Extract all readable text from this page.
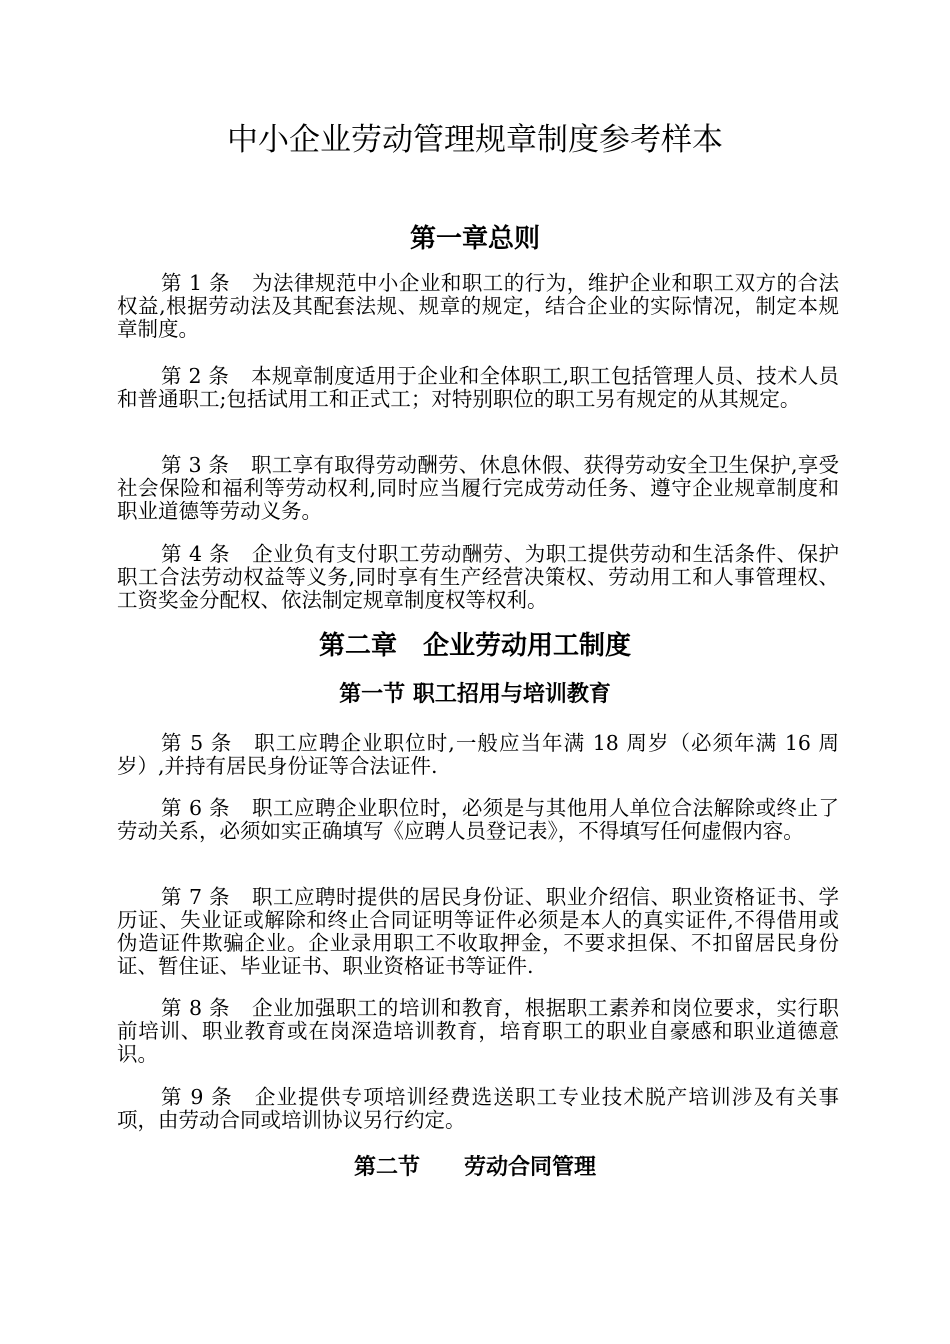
中小企业劳动管理规章制度参考样本
第一章总则

第 1 条 为法律规范中小企业和职工的行为，维护企业和职工双方的合法权益,根据劳动法及其配套法规、规章的规定，结合企业的实际情况，制定本规章制度。

第 2 条 本规章制度适用于企业和全体职工,职工包括管理人员、技术人员和普通职工;包括试用工和正式工；对特别职位的职工另有规定的从其规定。

第 3 条 职工享有取得劳动酬劳、休息休假、获得劳动安全卫生保护,享受社会保险和福利等劳动权利,同时应当履行完成劳动任务、遵守企业规章制度和职业道德等劳动义务。

第 4 条 企业负有支付职工劳动酬劳、为职工提供劳动和生活条件、保护职工合法劳动权益等义务,同时享有生产经营决策权、劳动用工和人事管理权、工资奖金分配权、依法制定规章制度权等权利。

第二章　企业劳动用工制度
第一节 职工招用与培训教育

第 5 条 职工应聘企业职位时,一般应当年满 18 周岁（必须年满 16 周岁）,并持有居民身份证等合法证件.

第 6 条 职工应聘企业职位时，必须是与其他用人单位合法解除或终止了劳动关系，必须如实正确填写《应聘人员登记表》，不得填写任何虚假内容。

第 7 条 职工应聘时提供的居民身份证、职业介绍信、职业资格证书、学历证、失业证或解除和终止合同证明等证件必须是本人的真实证件,不得借用或伪造证件欺骗企业。企业录用职工不收取押金，不要求担保、不扣留居民身份证、暂住证、毕业证书、职业资格证书等证件.

第 8 条 企业加强职工的培训和教育，根据职工素养和岗位要求，实行职前培训、职业教育或在岗深造培训教育，培育职工的职业自豪感和职业道德意识。

第 9 条 企业提供专项培训经费选送职工专业技术脱产培训涉及有关事项，由劳动合同或培训协议另行约定。

第二节　　劳动合同管理
